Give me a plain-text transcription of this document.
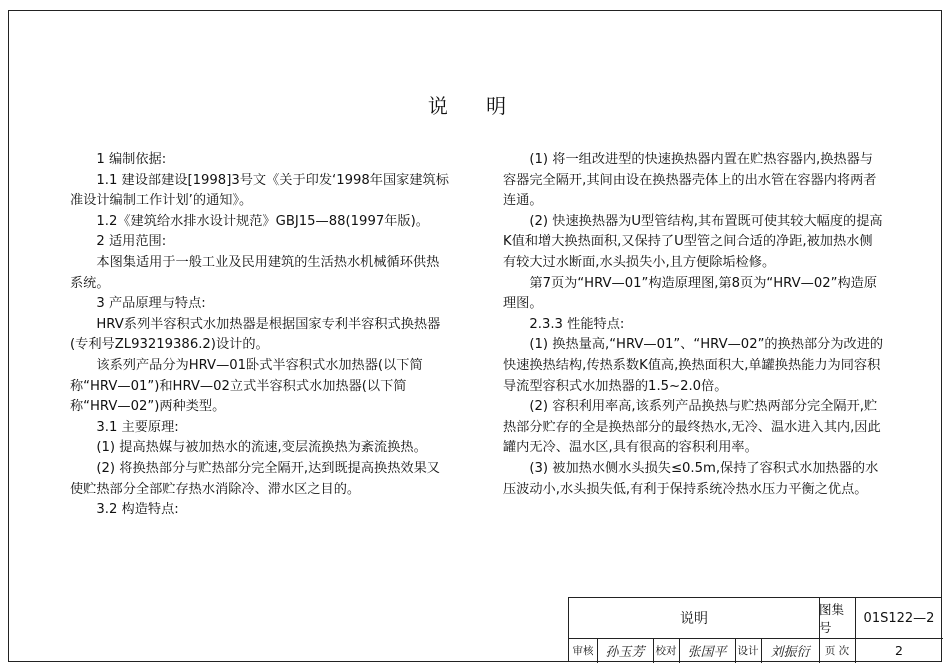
说 明

1 编制依据:

1.1 建设部建设[1998]3号文《关于印发‘1998年国家建筑标准设计编制工作计划’的通知》。

1.2《建筑给水排水设计规范》GBJ15—88(1997年版)。

2 适用范围:

本图集适用于一般工业及民用建筑的生活热水机械循环供热系统。

3 产品原理与特点:

HRV系列半容积式水加热器是根据国家专利半容积式换热器(专利号ZL93219386.2)设计的。

该系列产品分为HRV—01卧式半容积式水加热器(以下简称“HRV—01”)和HRV—02立式半容积式水加热器(以下简称“HRV—02”)两种类型。

3.1 主要原理:

(1) 提高热媒与被加热水的流速,变层流换热为紊流换热。

(2) 将换热部分与贮热部分完全隔开,达到既提高换热效果又使贮热部分全部贮存热水消除冷、滞水区之目的。

3.2 构造特点:

(1) 将一组改进型的快速换热器内置在贮热容器内,换热器与容器完全隔开,其间由设在换热器壳体上的出水管在容器内将两者连通。

(2) 快速换热器为U型管结构,其布置既可使其较大幅度的提高K值和增大换热面积,又保持了U型管之间合适的净距,被加热水侧有较大过水断面,水头损失小,且方便除垢检修。

第7页为“HRV—01”构造原理图,第8页为“HRV—02”构造原理图。

2.3.3 性能特点:

(1) 换热量高,“HRV—01”、“HRV—02”的换热部分为改进的快速换热结构,传热系数K值高,换热面积大,单罐换热能力为同容积导流型容积式水加热器的1.5~2.0倍。

(2) 容积利用率高,该系列产品换热与贮热两部分完全隔开,贮热部分贮存的全是换热部分的最终热水,无冷、温水进入其内,因此罐内无冷、温水区,具有很高的容积利用率。

(3) 被加热水侧水头损失≤0.5m,保持了容积式水加热器的水压波动小,水头损失低,有利于保持系统冷热水压力平衡之优点。

说明
图集号
01S122—2
审核 孙玉芳	校对 张国平	设计 刘振衍	页 次	2
